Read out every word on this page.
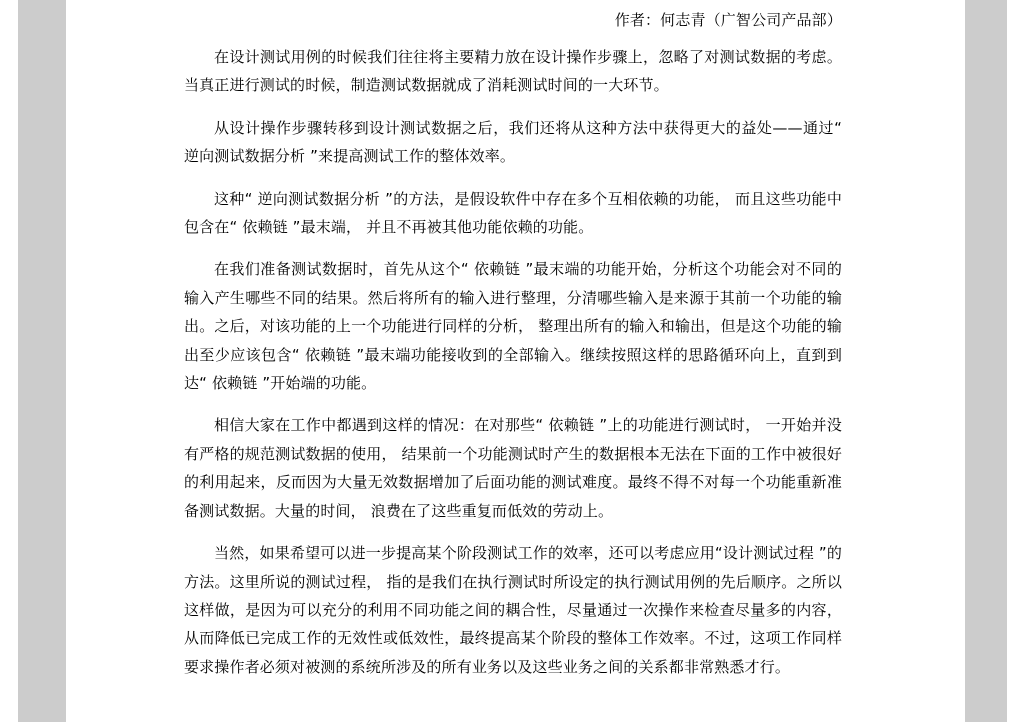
作者：何志青（广智公司产品部）

在设计测试用例的时候我们往往将主要精力放在设计操作步骤上，忽略了对测试数据的考虑。当真正进行测试的时候，制造测试数据就成了消耗测试时间的一大环节。

从设计操作步骤转移到设计测试数据之后，我们还将从这种方法中获得更大的益处——通过“ 逆向测试数据分析 ”来提高测试工作的整体效率。

这种“ 逆向测试数据分析 ”的方法，是假设软件中存在多个互相依赖的功能， 而且这些功能中包含在“ 依赖链 ”最末端， 并且不再被其他功能依赖的功能。

在我们准备测试数据时，首先从这个“ 依赖链 ”最末端的功能开始，分析这个功能会对不同的输入产生哪些不同的结果。然后将所有的输入进行整理，分清哪些输入是来源于其前一个功能的输出。之后，对该功能的上一个功能进行同样的分析， 整理出所有的输入和输出，但是这个功能的输出至少应该包含“ 依赖链 ”最末端功能接收到的全部输入。继续按照这样的思路循环向上，直到到达“ 依赖链 ”开始端的功能。

相信大家在工作中都遇到这样的情况：在对那些“ 依赖链 ”上的功能进行测试时， 一开始并没有严格的规范测试数据的使用， 结果前一个功能测试时产生的数据根本无法在下面的工作中被很好的利用起来，反而因为大量无效数据增加了后面功能的测试难度。最终不得不对每一个功能重新准备测试数据。大量的时间， 浪费在了这些重复而低效的劳动上。

当然，如果希望可以进一步提高某个阶段测试工作的效率，还可以考虑应用“设计测试过程 ”的方法。这里所说的测试过程， 指的是我们在执行测试时所设定的执行测试用例的先后顺序。之所以这样做，是因为可以充分的利用不同功能之间的耦合性，尽量通过一次操作来检查尽量多的内容，从而降低已完成工作的无效性或低效性，最终提高某个阶段的整体工作效率。不过，这项工作同样要求操作者必须对被测的系统所涉及的所有业务以及这些业务之间的关系都非常熟悉才行。
